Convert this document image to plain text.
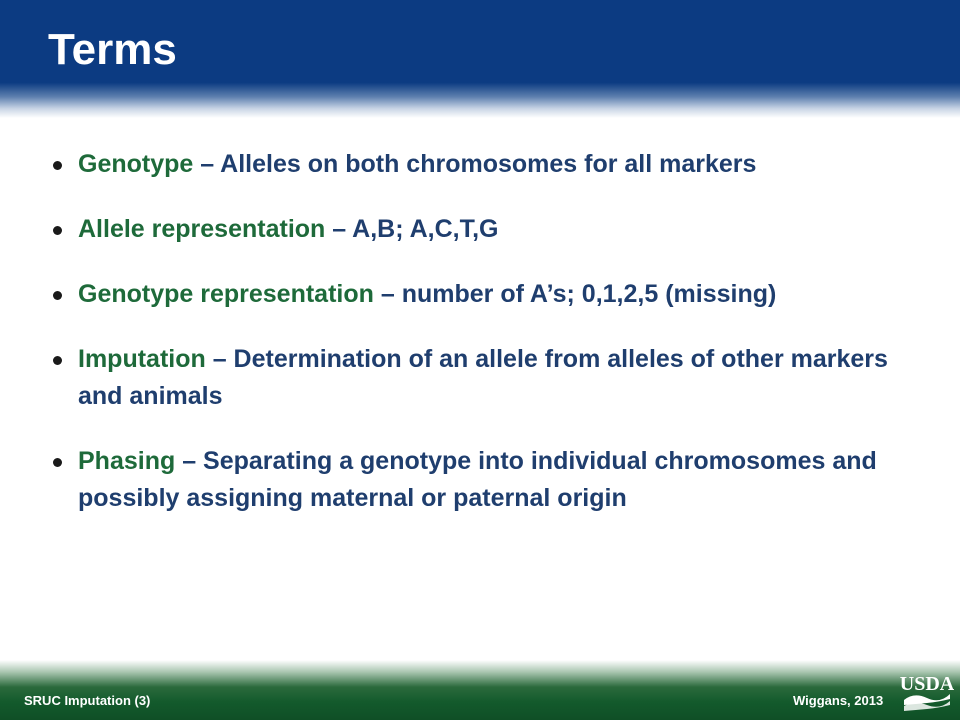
Terms
Genotype – Alleles on both chromosomes for all markers
Allele representation – A,B; A,C,T,G
Genotype representation – number of A’s; 0,1,2,5 (missing)
Imputation – Determination of an allele from alleles of other markers and animals
Phasing – Separating a genotype into individual chromosomes and possibly assigning maternal or paternal origin
SRUC Imputation (3)	Wiggans, 2013
USDA
